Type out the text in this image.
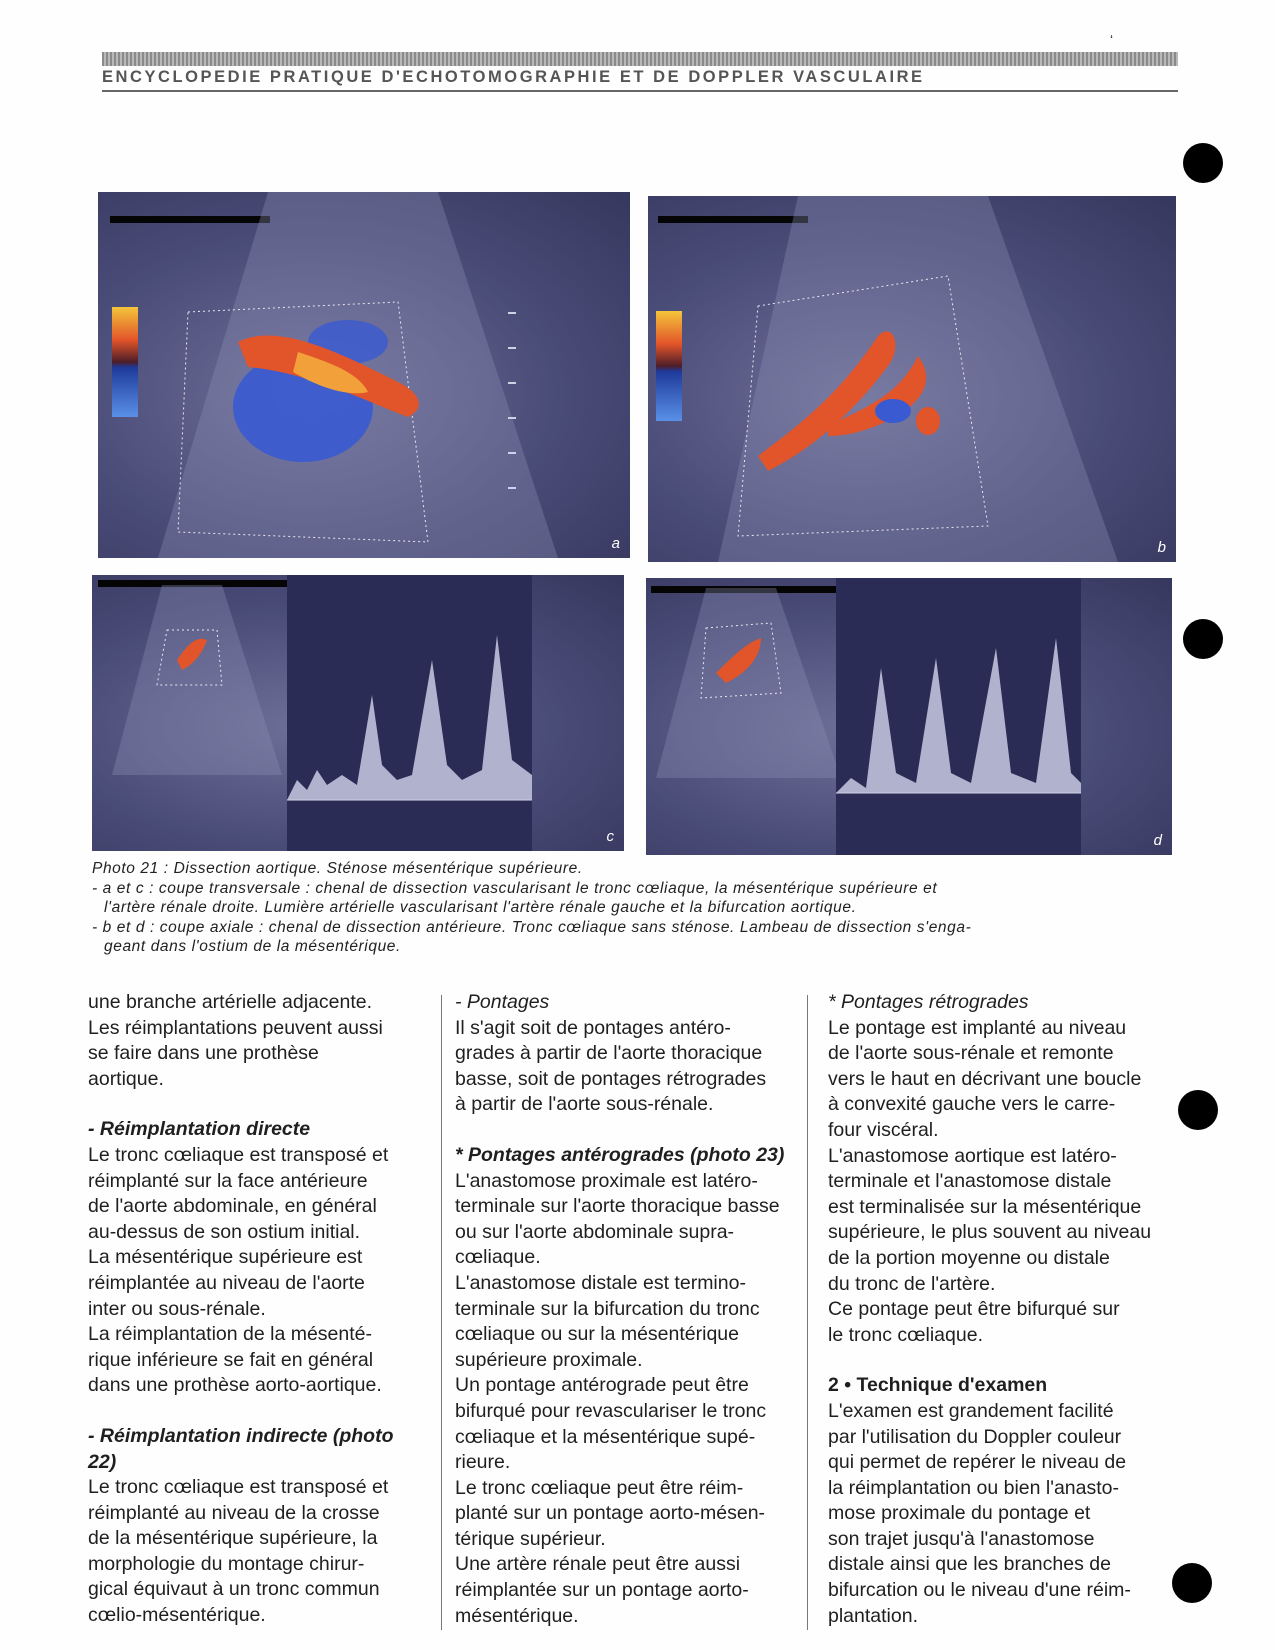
ENCYCLOPEDIE PRATIQUE D'ECHOTOMOGRAPHIE ET DE DOPPLER VASCULAIRE
ʻ
a	b
c	d
Photo 21 : Dissection aortique. Sténose mésentérique supérieure.
- a et c : coupe transversale : chenal de dissection vascularisant le tronc cœliaque, la mésentérique supérieure et
l'artère rénale droite. Lumière artérielle vascularisant l'artère rénale gauche et la bifurcation aortique.
- b et d : coupe axiale : chenal de dissection antérieure. Tronc cœliaque sans sténose. Lambeau de dissection s'enga-
geant dans l'ostium de la mésentérique.

une branche artérielle adjacente.
Les réimplantations peuvent aussi
se faire dans une prothèse
aortique.

- Réimplantation directe

Le tronc cœliaque est transposé et
réimplanté sur la face antérieure
de l'aorte abdominale, en général
au-dessus de son ostium initial.

La mésentérique supérieure est
réimplantée au niveau de l'aorte
inter ou sous-rénale.

La réimplantation de la mésenté-
rique inférieure se fait en général
dans une prothèse aorto-aortique.

- Réimplantation indirecte (photo
22)

Le tronc cœliaque est transposé et
réimplanté au niveau de la crosse
de la mésentérique supérieure, la
morphologie du montage chirur-
gical équivaut à un tronc commun
cœlio-mésentérique.

- Pontages

Il s'agit soit de pontages antéro-
grades à partir de l'aorte thoracique
basse, soit de pontages rétrogrades
à partir de l'aorte sous-rénale.

* Pontages antérogrades (photo 23)

L'anastomose proximale est latéro-
terminale sur l'aorte thoracique basse
ou sur l'aorte abdominale supra-
cœliaque.

L'anastomose distale est termino-
terminale sur la bifurcation du tronc
cœliaque ou sur la mésentérique
supérieure proximale.

Un pontage antérograde peut être
bifurqué pour revasculariser le tronc
cœliaque et la mésentérique supé-
rieure.

Le tronc cœliaque peut être réim-
planté sur un pontage aorto-mésen-
térique supérieur.

Une artère rénale peut être aussi
réimplantée sur un pontage aorto-
mésentérique.

* Pontages rétrogrades

Le pontage est implanté au niveau
de l'aorte sous-rénale et remonte
vers le haut en décrivant une boucle
à convexité gauche vers le carre-
four viscéral.

L'anastomose aortique est latéro-
terminale et l'anastomose distale
est terminalisée sur la mésentérique
supérieure, le plus souvent au niveau
de la portion moyenne ou distale
du tronc de l'artère.

Ce pontage peut être bifurqué sur
le tronc cœliaque.

2 • Technique d'examen

L'examen est grandement facilité
par l'utilisation du Doppler couleur
qui permet de repérer le niveau de
la réimplantation ou bien l'anasto-
mose proximale du pontage et
son trajet jusqu'à l'anastomose
distale ainsi que les branches de
bifurcation ou le niveau d'une réim-
plantation.
